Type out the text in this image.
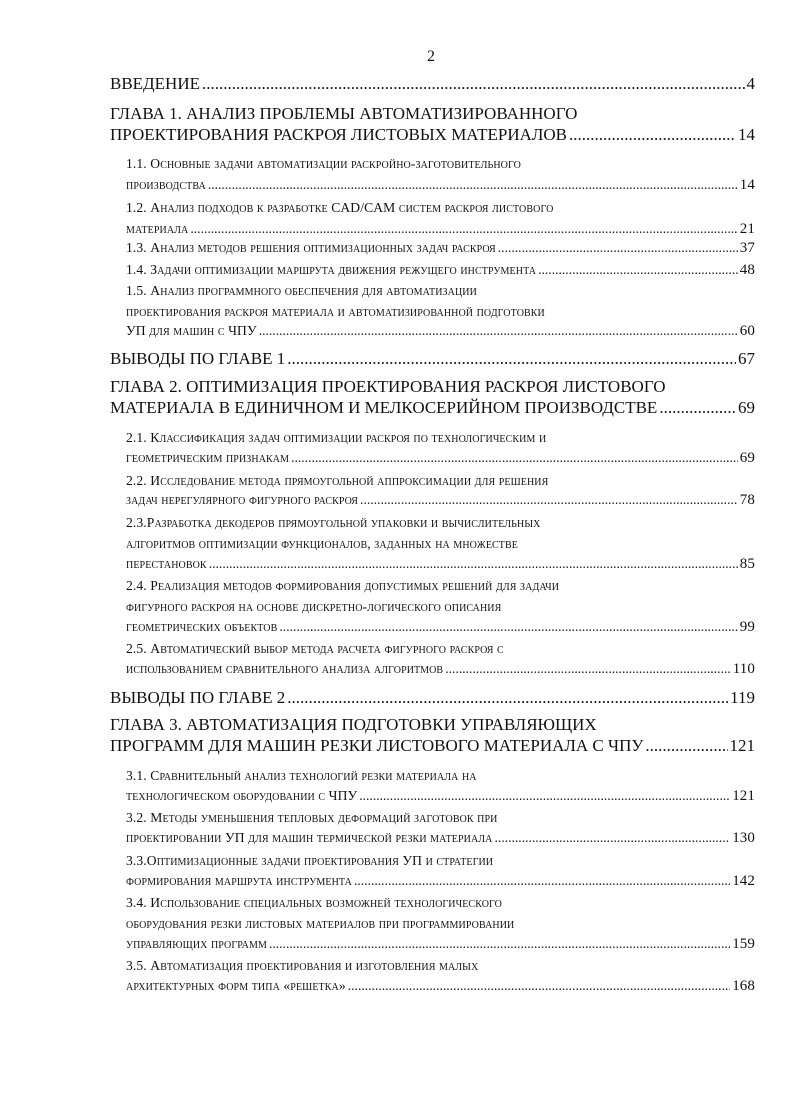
2
ВВЕДЕНИЕ .....	4
ГЛАВА 1. АНАЛИЗ ПРОБЛЕМЫ АВТОМАТИЗИРОВАННОГО
ПРОЕКТИРОВАНИЯ РАСКРОЯ ЛИСТОВЫХ МАТЕРИАЛОВ .....	14
1.1. Основные задачи автоматизации раскройно-заготовительного
производства .....	14
1.2. Анализ подходов к разработке CAD/CAM систем раскроя листового
материала .....	21
1.3. Анализ методов решения оптимизационных задач раскроя .....	37
1.4. Задачи оптимизации маршрута движения режущего инструмента .....	48
1.5. Анализ программного обеспечения для автоматизации
проектирования раскроя материала и автоматизированной подготовки
УП для машин с ЧПУ .....	60
ВЫВОДЫ ПО ГЛАВЕ 1 .....	67
ГЛАВА 2. ОПТИМИЗАЦИЯ ПРОЕКТИРОВАНИЯ РАСКРОЯ ЛИСТОВОГО
МАТЕРИАЛА В ЕДИНИЧНОМ И МЕЛКОСЕРИЙНОМ ПРОИЗВОДСТВЕ .....	69
2.1. Классификация задач оптимизации раскроя по технологическим и
геометрическим признакам .....	69
2.2. Исследование метода прямоугольной аппроксимации для решения
задач нерегулярного фигурного раскроя .....	78
2.3.Разработка декодеров прямоугольной упаковки и вычислительных
алгоритмов оптимизации функционалов, заданных на множестве
перестановок .....	85
2.4. Реализация методов формирования допустимых решений для задачи
фигурного раскроя на основе дискретно-логического описания
геометрических объектов .....	99
2.5. Автоматический выбор метода расчета фигурного раскроя с
использованием сравнительного анализа алгоритмов .....	110
ВЫВОДЫ ПО ГЛАВЕ 2 .....	119
ГЛАВА 3. АВТОМАТИЗАЦИЯ ПОДГОТОВКИ УПРАВЛЯЮЩИХ
ПРОГРАММ ДЛЯ МАШИН РЕЗКИ ЛИСТОВОГО МАТЕРИАЛА С ЧПУ .....	121
3.1. Сравнительный анализ технологий резки материала на
технологическом оборудовании с ЧПУ .....	121
3.2. Методы уменьшения тепловых деформаций заготовок при
проектировании УП для машин термической резки материала .....	130
3.3.Оптимизационные задачи проектирования УП и стратегии
формирования маршрута инструмента .....	142
3.4. Использование специальных возможней технологического
оборудования резки листовых материалов при программировании
управляющих программ .....	159
3.5. Автоматизация проектирования и изготовления малых
архитектурных форм типа «решетка» .....	168
